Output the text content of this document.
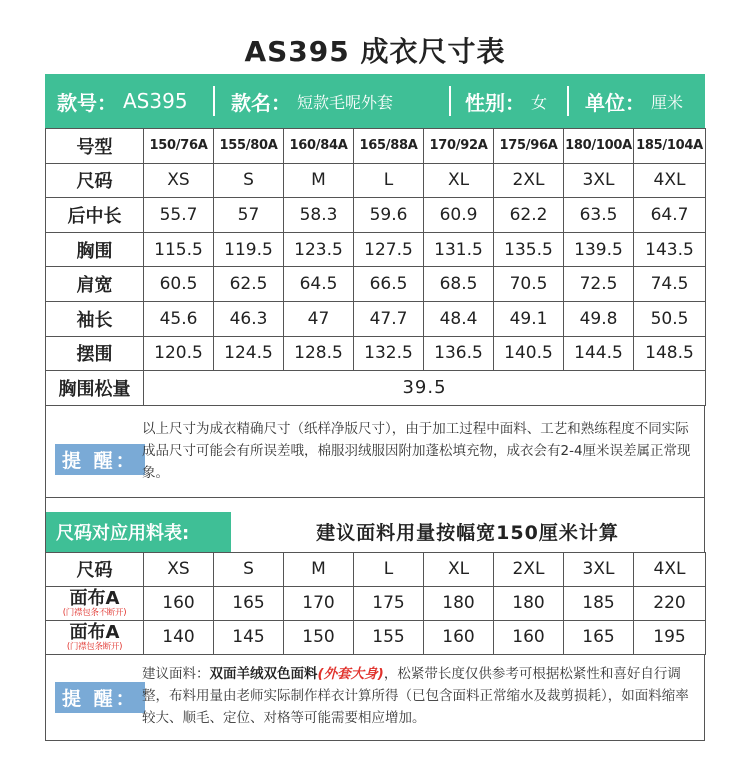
AS395 成衣尺寸表
款号： AS395 款名： 短款毛呢外套	性别： 女 单位： 厘米
号型	150/76A	155/80A	160/84A	165/88A	170/92A	175/96A	180/100A	185/104A
尺码	XS	S	M	L	XL	2XL	3XL	4XL
后中长	55.7	57	58.3	59.6	60.9	62.2	63.5	64.7
胸围	115.5	119.5	123.5	127.5	131.5	135.5	139.5	143.5
肩宽	60.5	62.5	64.5	66.5	68.5	70.5	72.5	74.5
袖长	45.6	46.3	47	47.7	48.4	49.1	49.8	50.5
摆围	120.5	124.5	128.5	132.5	136.5	140.5	144.5	148.5
胸围松量	39.5							
提 醒：
以上尺寸为成衣精确尺寸（纸样净版尺寸），由于加工过程中面料、工艺和熟练程度不同实际成品尺寸可能会有所误差哦，棉服羽绒服因附加蓬松填充物，成衣会有2-4厘米误差属正常现象。
尺码对应用料表:	建议面料用量按幅宽150厘米计算
尺码	XS	S	M	L	XL	2XL	3XL	4XL

面布A
(门襟包条不断开)	160	165	170	175	180	180	185	220

面布A
(门襟包条断开)	140	145	150	155	160	160	165	195
提 醒：
建议面料：双面羊绒双色面料(外套大身)，松紧带长度仅供参考可根据松紧性和喜好自行调整，布料用量由老师实际制作样衣计算所得（已包含面料正常缩水及裁剪损耗），如面料缩率较大、顺毛、定位、对格等可能需要相应增加。
